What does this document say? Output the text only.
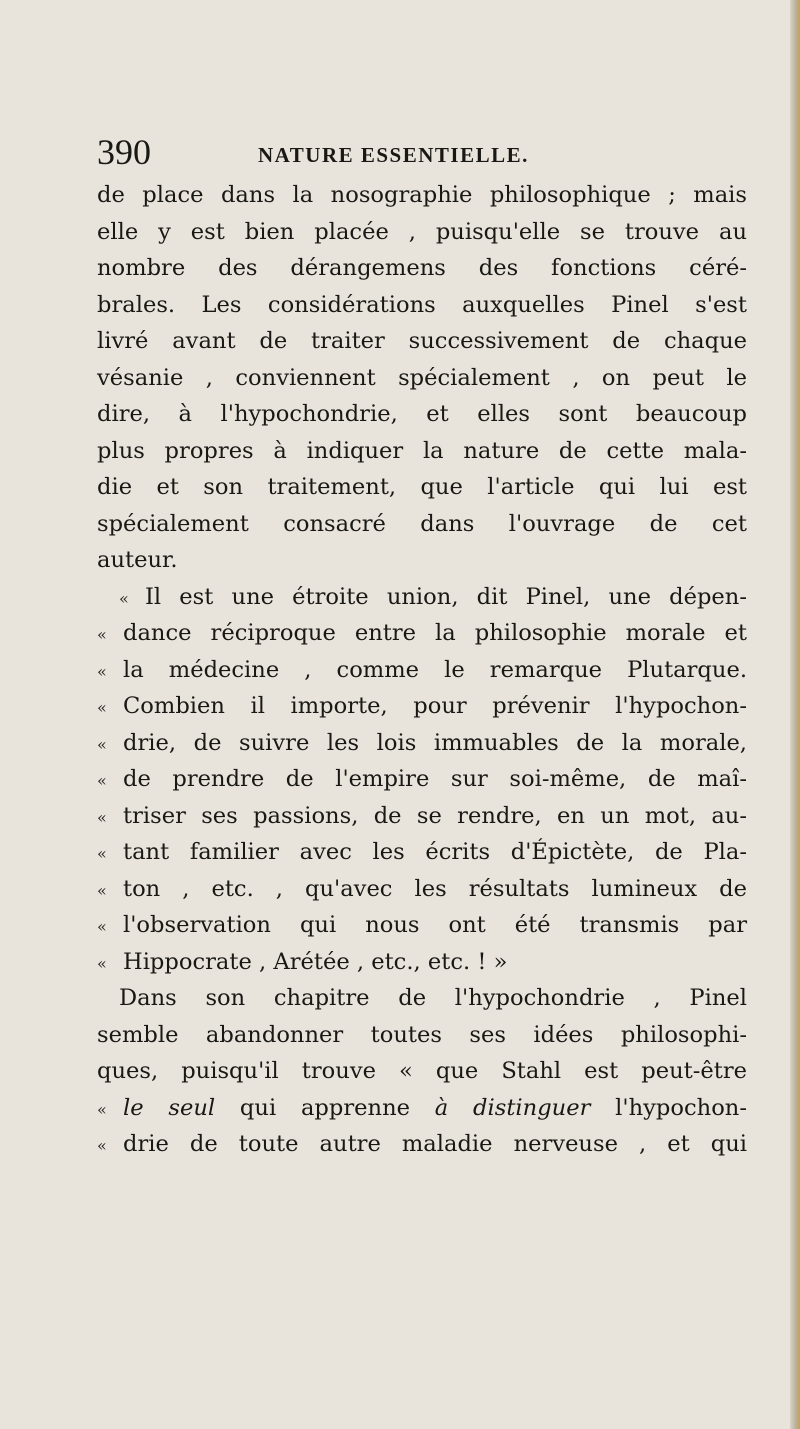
390	NATURE ESSENTIELLE.
de place dans la nosographie philosophique ; mais
elle y est bien placée , puisqu'elle se trouve au
nombre des dérangemens des fonctions céré-
brales. Les considérations auxquelles Pinel s'est
livré avant de traiter successivement de chaque
vésanie , conviennent spécialement , on peut le
dire, à l'hypochondrie, et elles sont beaucoup
plus propres à indiquer la nature de cette mala-
die et son traitement, que l'article qui lui est
spécialement consacré dans l'ouvrage de cet
auteur.
« Il est une étroite union, dit Pinel, une dépen-
« dance réciproque entre la philosophie morale et
« la médecine , comme le remarque Plutarque.
« Combien il importe, pour prévenir l'hypochon-
« drie, de suivre les lois immuables de la morale,
« de prendre de l'empire sur soi-même, de maî-
« triser ses passions, de se rendre, en un mot, au-
« tant familier avec les écrits d'Épictète, de Pla-
« ton , etc. , qu'avec les résultats lumineux de
« l'observation qui nous ont été transmis par
« Hippocrate , Arétée , etc., etc. ! »
Dans son chapitre de l'hypochondrie , Pinel
semble abandonner toutes ses idées philosophi-
ques, puisqu'il trouve « que Stahl est peut-être
« le seul qui apprenne à distinguer l'hypochon-
« drie de toute autre maladie nerveuse , et qui
